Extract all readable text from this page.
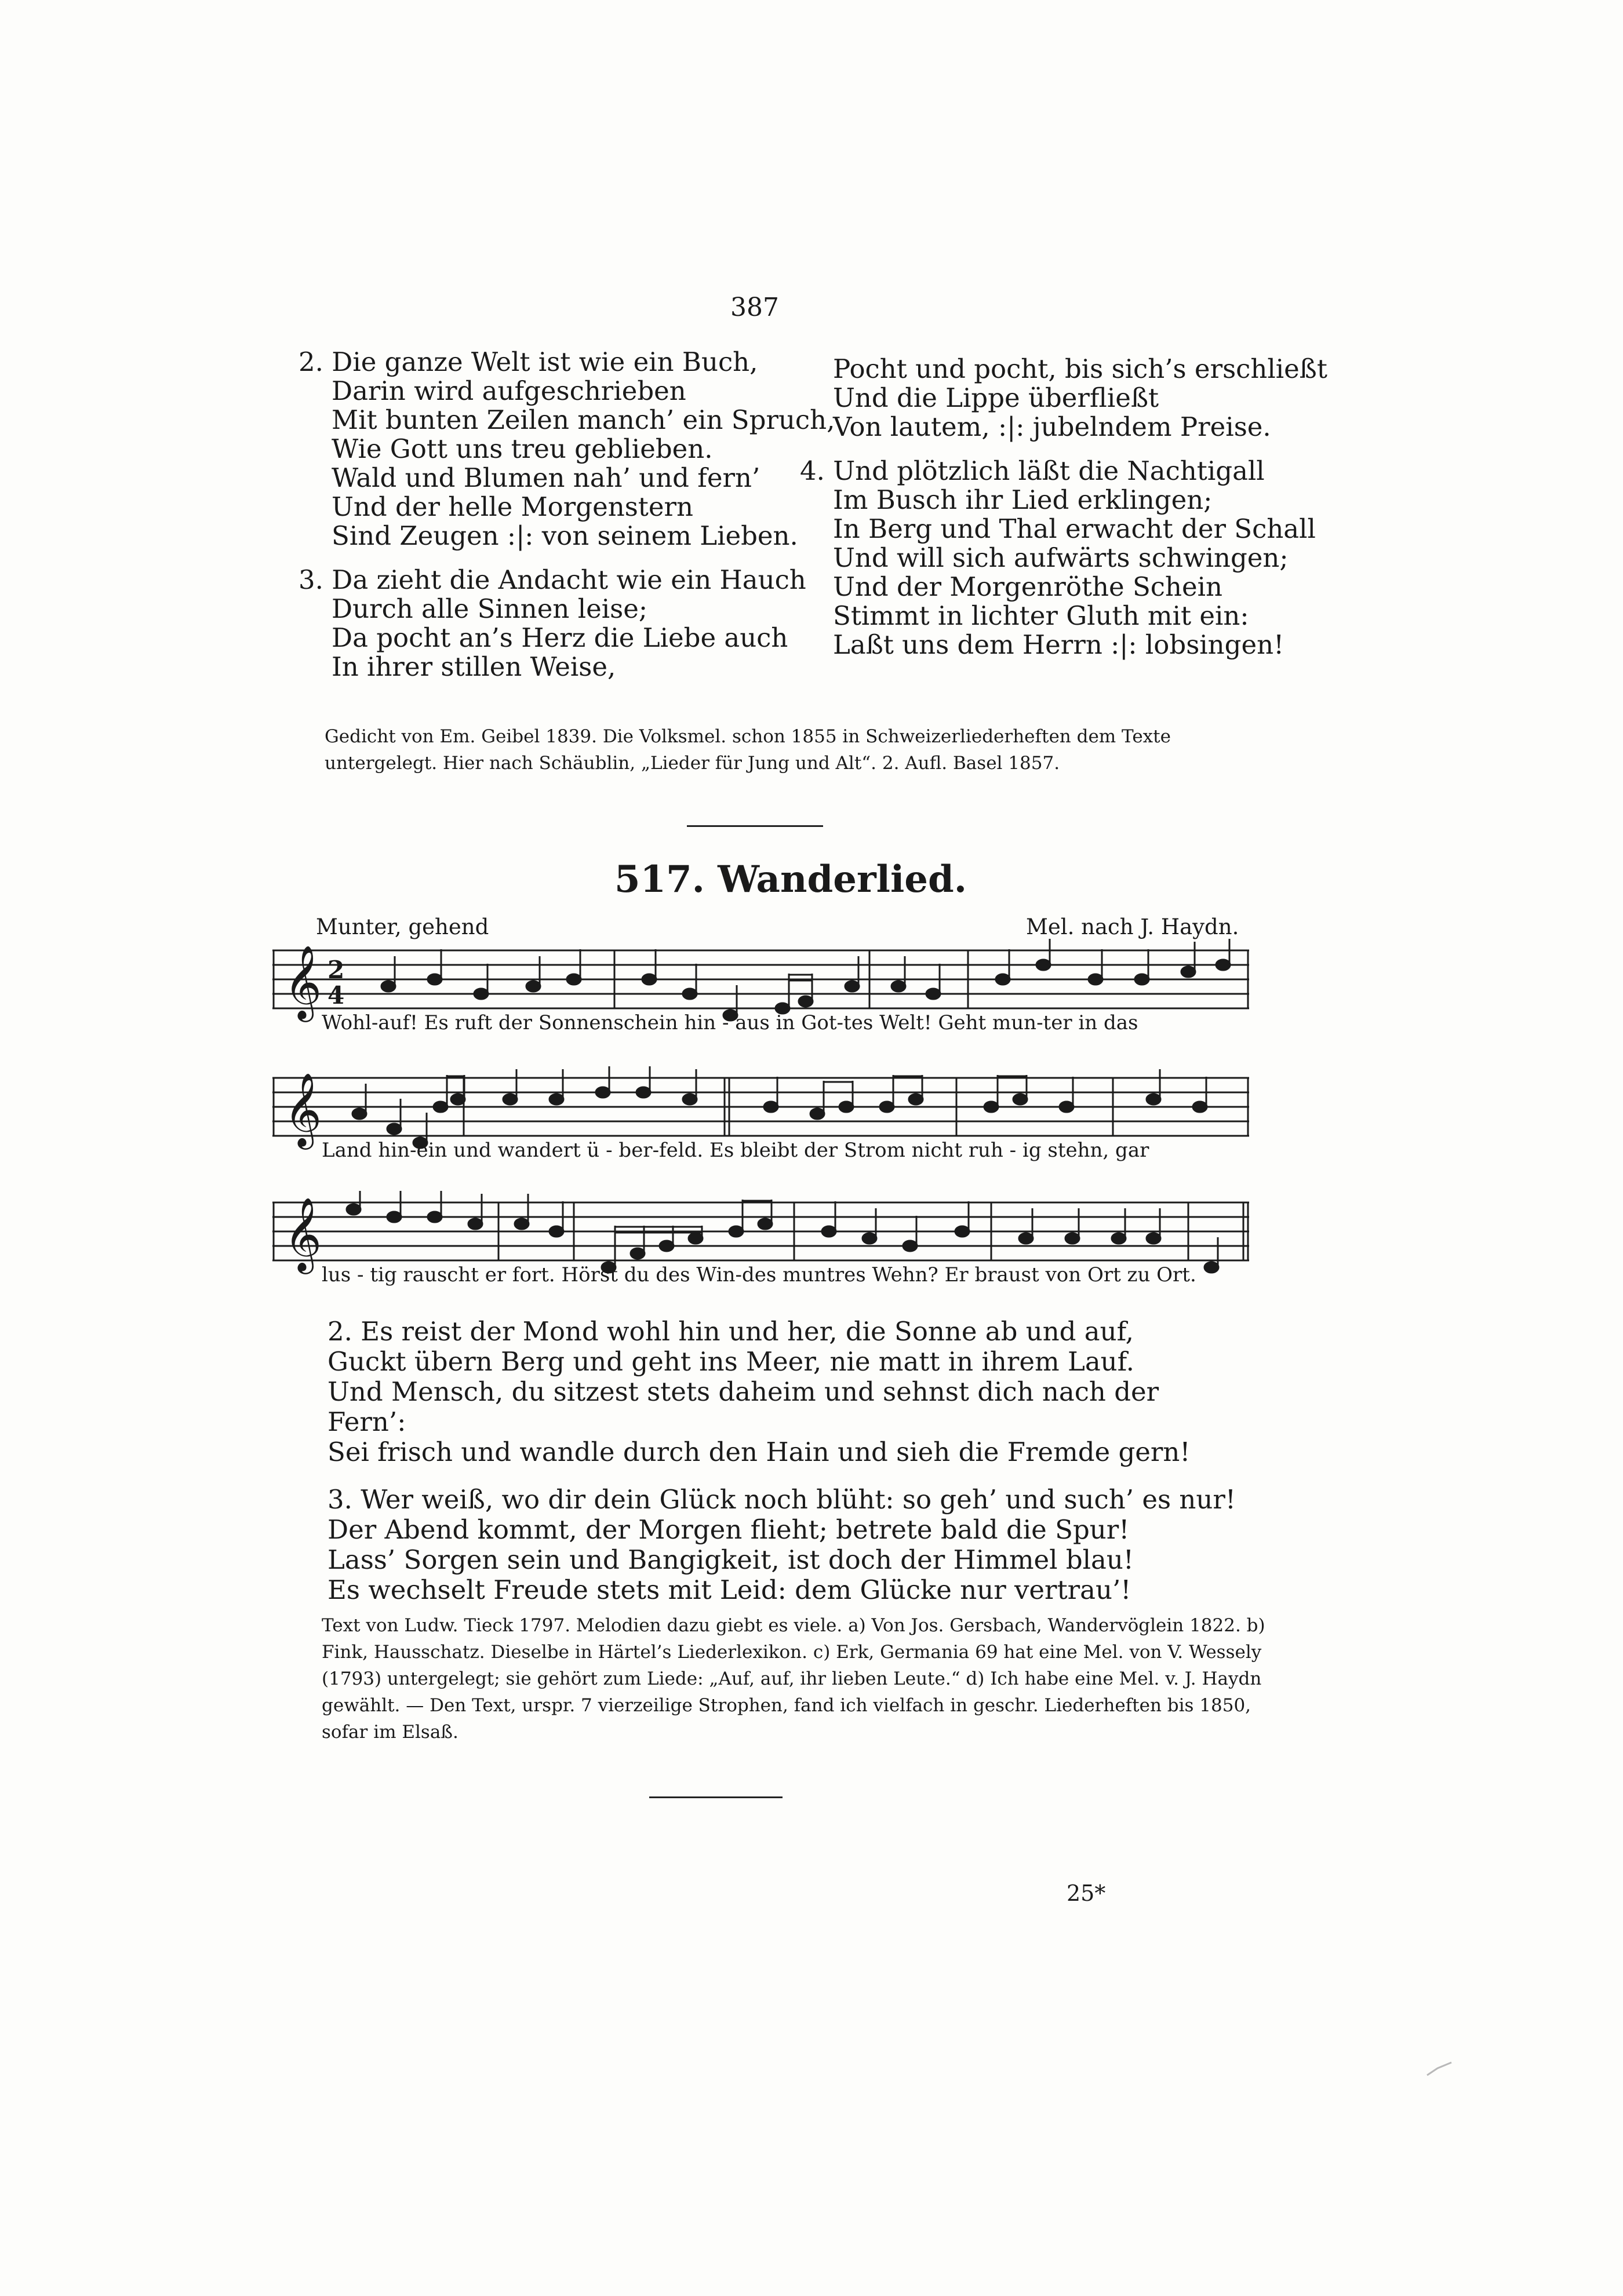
387
2. Die ganze Welt ist wie ein Buch,
Darin wird aufgeschrieben
Mit bunten Zeilen manch’ ein Spruch,
Wie Gott uns treu geblieben.
Wald und Blumen nah’ und fern’
Und der helle Morgenstern
Sind Zeugen :|: von seinem Lieben.
3. Da zieht die Andacht wie ein Hauch
Durch alle Sinnen leise;
Da pocht an’s Herz die Liebe auch
In ihrer stillen Weise,
Pocht und pocht, bis sich’s erschließt
Und die Lippe überfließt
Von lautem, :|: jubelndem Preise.
4. Und plötzlich läßt die Nachtigall
Im Busch ihr Lied erklingen;
In Berg und Thal erwacht der Schall
Und will sich aufwärts schwingen;
Und der Morgenröthe Schein
Stimmt in lichter Gluth mit ein:
Laßt uns dem Herrn :|: lobsingen!
Gedicht von Em. Geibel 1839. Die Volksmel. schon 1855 in Schweizerliederheften dem Texte untergelegt. Hier nach Schäublin, „Lieder für Jung und Alt“. 2. Aufl. Basel 1857.
517. Wanderlied.
Munter, gehend	Mel. nach J. Haydn.
𝄞 2
4
Wohl-auf! Es ruft der Sonnenschein hin - aus in Got-tes Welt! Geht mun-ter in das
𝄞
Land hin-ein und wandert ü - ber-feld. Es bleibt der Strom nicht ruh - ig stehn, gar
𝄞
lus - tig rauscht er fort. Hörst du des Win-des muntres Wehn? Er braust von Ort zu Ort.
2. Es reist der Mond wohl hin und her, die Sonne ab und auf,
Guckt übern Berg und geht ins Meer, nie matt in ihrem Lauf.
Und Mensch, du sitzest stets daheim und sehnst dich nach der Fern’:
Sei frisch und wandle durch den Hain und sieh die Fremde gern!
3. Wer weiß, wo dir dein Glück noch blüht: so geh’ und such’ es nur!
Der Abend kommt, der Morgen flieht; betrete bald die Spur!
Lass’ Sorgen sein und Bangigkeit, ist doch der Himmel blau!
Es wechselt Freude stets mit Leid: dem Glücke nur vertrau’!
Text von Ludw. Tieck 1797. Melodien dazu giebt es viele. a) Von Jos. Gersbach, Wandervöglein 1822. b) Fink, Hausschatz. Dieselbe in Härtel’s Liederlexikon. c) Erk, Germania 69 hat eine Mel. von V. Wessely (1793) untergelegt; sie gehört zum Liede: „Auf, auf, ihr lieben Leute.“ d) Ich habe eine Mel. v. J. Haydn gewählt. — Den Text, urspr. 7 vierzeilige Strophen, fand ich vielfach in geschr. Liederheften bis 1850, sofar im Elsaß.
25*
